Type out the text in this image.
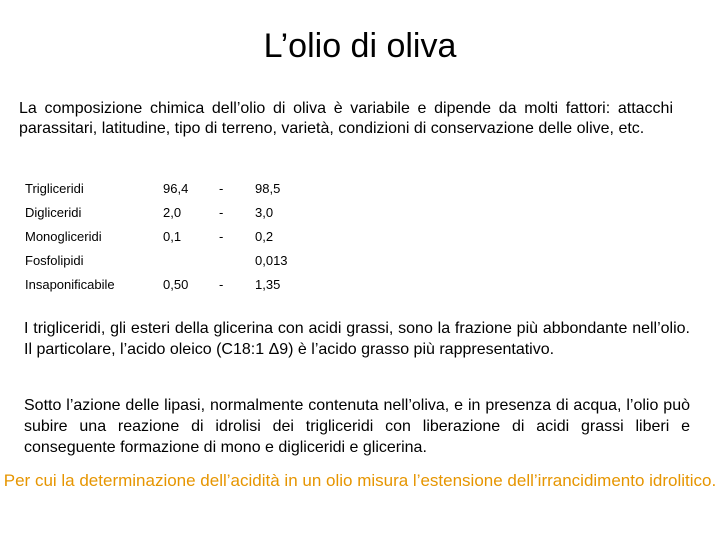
L’olio di oliva
La composizione chimica dell’olio di oliva è variabile e dipende da molti fattori: attacchi parassitari, latitudine, tipo di terreno, varietà, condizioni di conservazione delle olive, etc.
Trigliceridi	96,4	-	98,5
Digliceridi	2,0	-	3,0
Monogliceridi	0,1	-	0,2
Fosfolipidi			0,013
Insaponificabile	0,50	-	1,35
I trigliceridi, gli esteri della glicerina con acidi grassi, sono la frazione più abbondante nell’olio. Il particolare, l’acido oleico (C18:1 Δ9) è l’acido grasso più rappresentativo.
Sotto l’azione delle lipasi, normalmente contenuta nell’oliva, e in presenza di acqua, l’olio può subire una reazione di idrolisi dei trigliceridi con liberazione di acidi grassi liberi e conseguente formazione di mono e digliceridi e glicerina.
Per cui la determinazione dell’acidità in un olio misura l’estensione dell’irrancidimento idrolitico.
